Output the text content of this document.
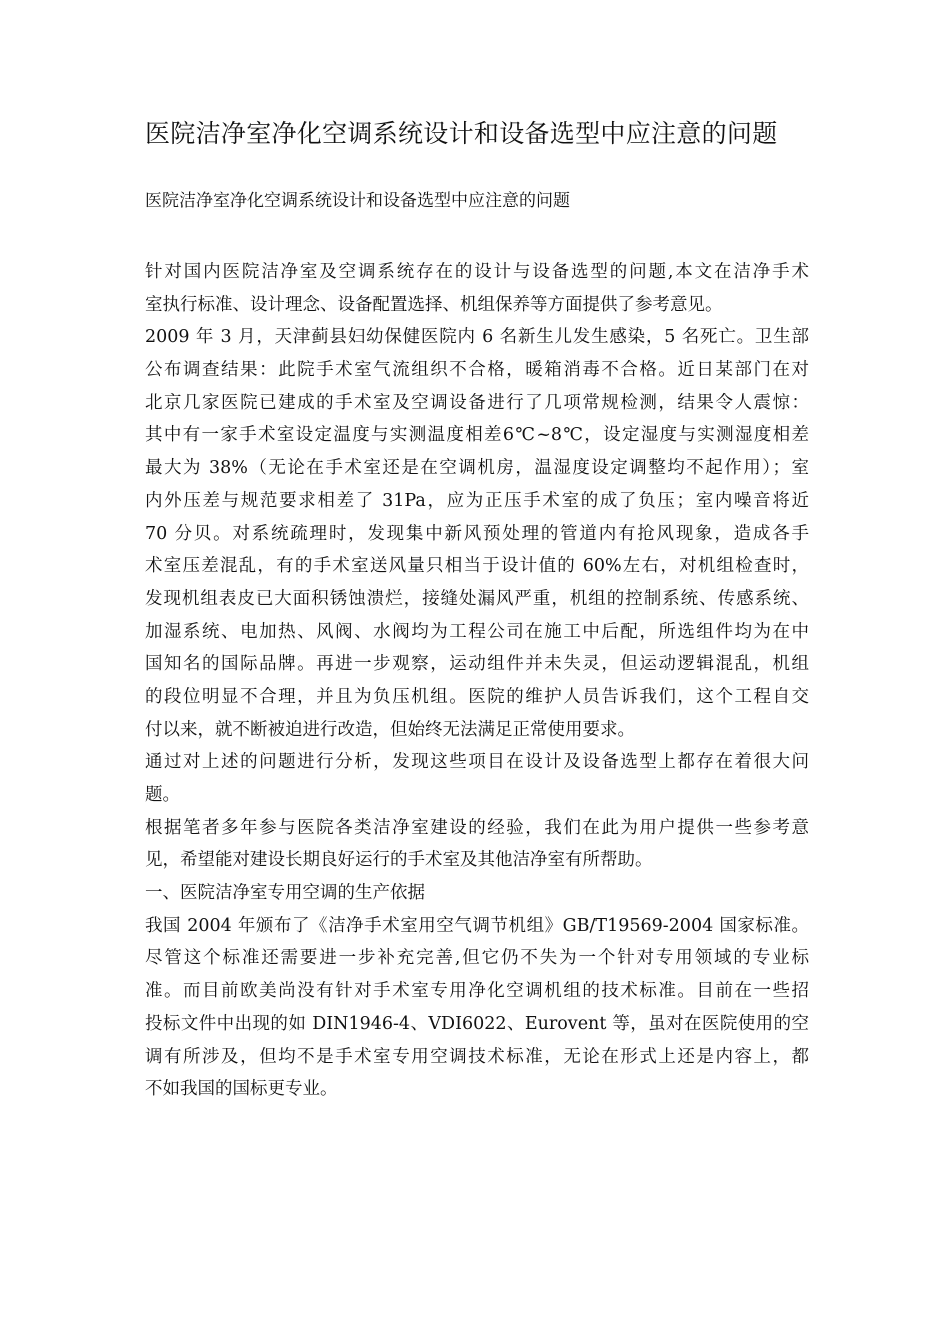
医院洁净室净化空调系统设计和设备选型中应注意的问题
医院洁净室净化空调系统设计和设备选型中应注意的问题
针对国内医院洁净室及空调系统存在的设计与设备选型的问题,本文在洁净手术
室执行标准、设计理念、设备配置选择、机组保养等方面提供了参考意见。
2009 年 3 月，天津蓟县妇幼保健医院内 6 名新生儿发生感染，5 名死亡。卫生部
公布调查结果：此院手术室气流组织不合格，暖箱消毒不合格。近日某部门在对
北京几家医院已建成的手术室及空调设备进行了几项常规检测，结果令人震惊：
其中有一家手术室设定温度与实测温度相差6℃~8℃，设定湿度与实测湿度相差
最大为 38%（无论在手术室还是在空调机房，温湿度设定调整均不起作用）；室
内外压差与规范要求相差了 31Pa，应为正压手术室的成了负压；室内噪音将近
70 分贝。对系统疏理时，发现集中新风预处理的管道内有抢风现象，造成各手
术室压差混乱，有的手术室送风量只相当于设计值的 60%左右，对机组检查时，
发现机组表皮已大面积锈蚀溃烂，接缝处漏风严重，机组的控制系统、传感系统、
加湿系统、电加热、风阀、水阀均为工程公司在施工中后配，所选组件均为在中
国知名的国际品牌。再进一步观察，运动组件并未失灵，但运动逻辑混乱，机组
的段位明显不合理，并且为负压机组。医院的维护人员告诉我们，这个工程自交
付以来，就不断被迫进行改造，但始终无法满足正常使用要求。
通过对上述的问题进行分析，发现这些项目在设计及设备选型上都存在着很大问
题。
根据笔者多年参与医院各类洁净室建设的经验，我们在此为用户提供一些参考意
见，希望能对建设长期良好运行的手术室及其他洁净室有所帮助。
一、医院洁净室专用空调的生产依据
我国 2004 年颁布了《洁净手术室用空气调节机组》GB/T19569-2004 国家标准。
尽管这个标准还需要进一步补充完善,但它仍不失为一个针对专用领域的专业标
准。而目前欧美尚没有针对手术室专用净化空调机组的技术标准。目前在一些招
投标文件中出现的如 DIN1946-4、VDI6022、Eurovent 等，虽对在医院使用的空
调有所涉及，但均不是手术室专用空调技术标准，无论在形式上还是内容上，都
不如我国的国标更专业。
